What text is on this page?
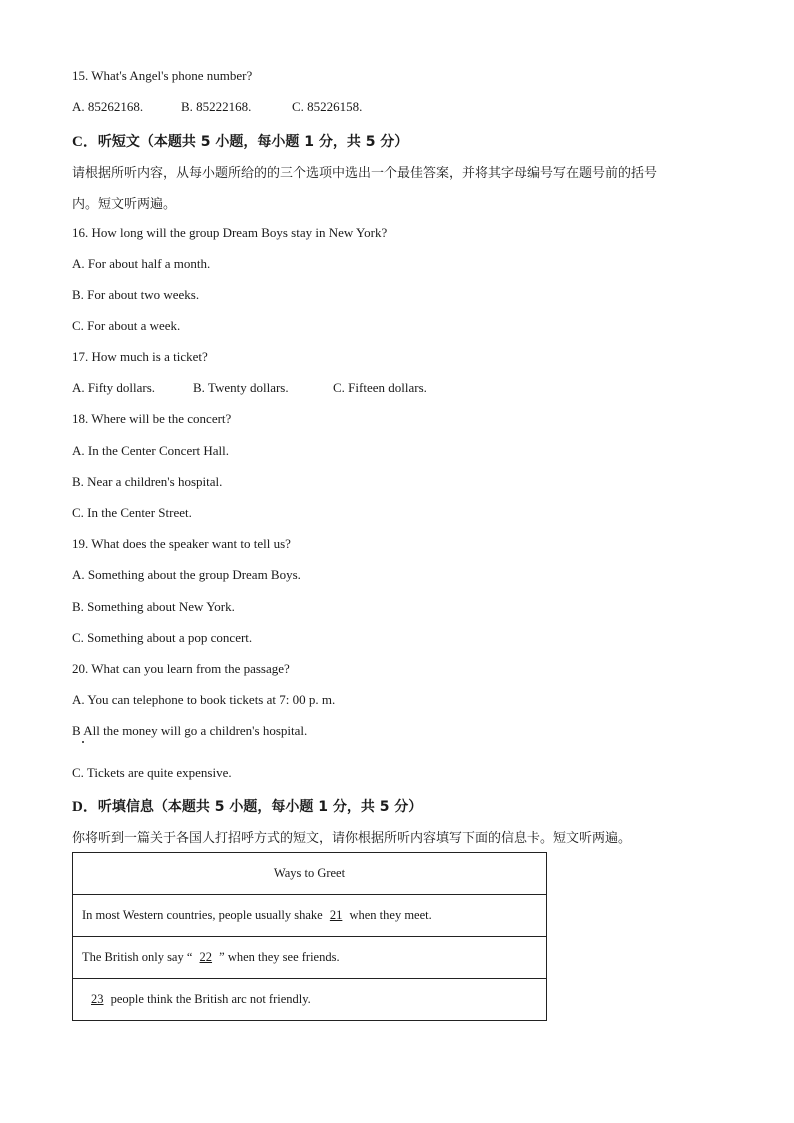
15. What's Angel's phone number?
A. 85262168.	B. 85222168.	C. 85226158.
C．听短文（本题共 5 小题，每小题 1 分，共 5 分）
请根据所听内容，从每小题所给的的三个选项中选出一个最佳答案，并将其字母编号写在题号前的括号
内。短文听两遍。
16. How long will the group Dream Boys stay in New York?
A. For about half a month.
B. For about two weeks.
C. For about a week.
17. How much is a ticket?
A. Fifty dollars.	B. Twenty dollars.	C. Fifteen dollars.
18. Where will be the concert?
A. In the Center Concert Hall.
B. Near a children's hospital.
C. In the Center Street.
19. What does the speaker want to tell us?
A. Something about the group Dream Boys.
B. Something about New York.
C. Something about a pop concert.
20. What can you learn from the passage?
A. You can telephone to book tickets at 7: 00 p. m.
B All the money will go a children's hospital.
C. Tickets are quite expensive.
D．听填信息（本题共 5 小题，每小题 1 分，共 5 分）
你将听到一篇关于各国人打招呼方式的短文，请你根据所听内容填写下面的信息卡。短文听两遍。
Ways to Greet
In most Western countries, people usually shake 21 when they meet.
The British only say “ 22 ” when they see friends.
23 people think the British arc not friendly.
